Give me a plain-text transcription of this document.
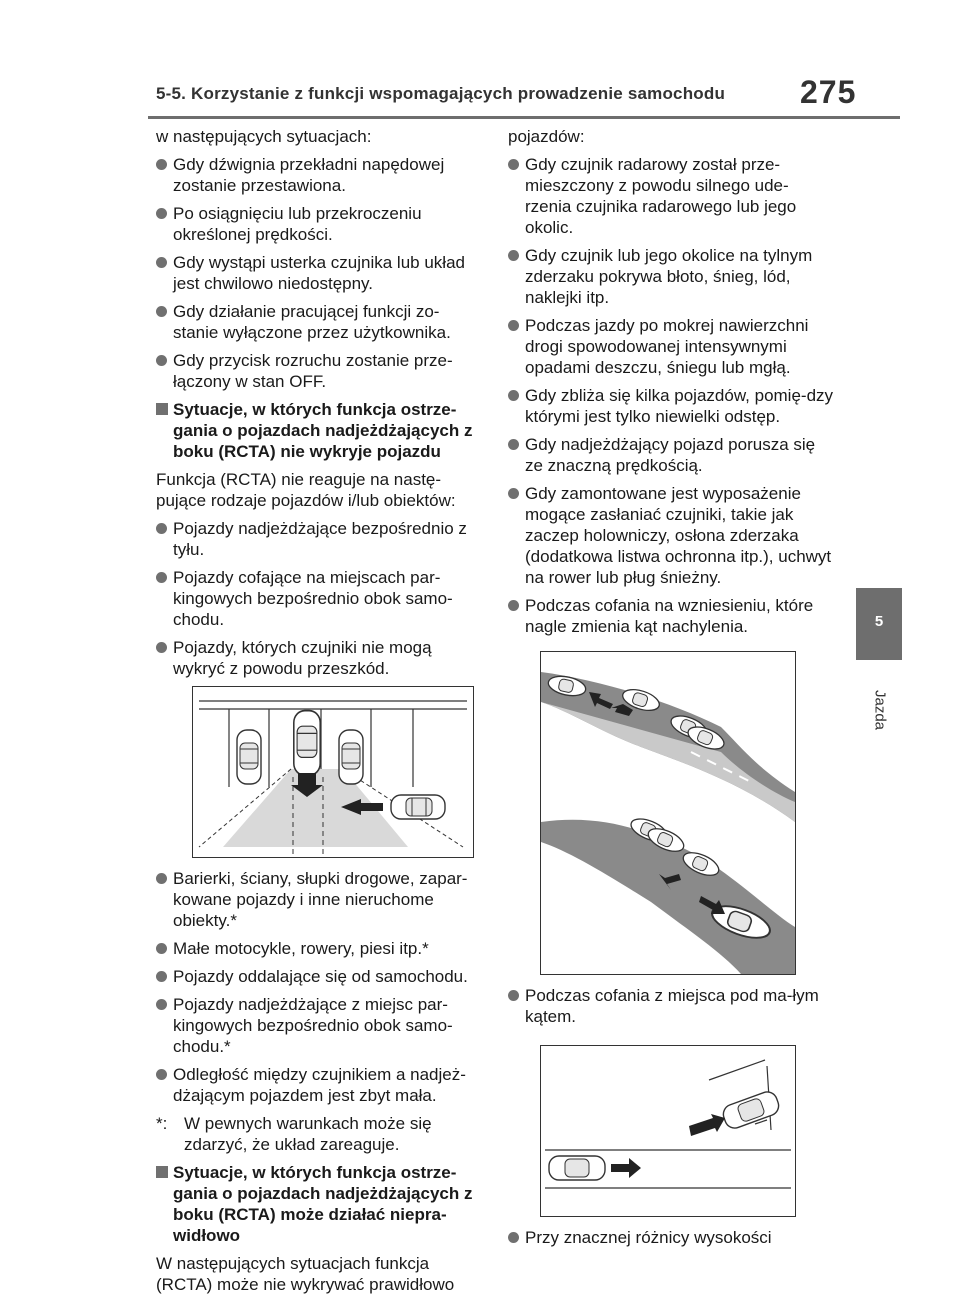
5-5. Korzystanie z funkcji wspomagających prowadzenie samochodu 275
5
Jazda

w następujących sytuacjach:

Gdy dźwignia przekładni napędowej zostanie przestawiona.
Po osiągnięciu lub przekroczeniu określonej prędkości.
Gdy wystąpi usterka czujnika lub układ jest chwilowo niedostępny.
Gdy działanie pracującej funkcji zo-stanie wyłączone przez użytkownika.
Gdy przycisk rozruchu zostanie prze-łączony w stan OFF.
Sytuacje, w których funkcja ostrze-gania o pojazdach nadjeżdżających z boku (RCTA) nie wykryje pojazdu

Funkcja (RCTA) nie reaguje na nastę-pujące rodzaje pojazdów i/lub obiektów:

Pojazdy nadjeżdżające bezpośrednio z tyłu.
Pojazdy cofające na miejscach par-kingowych bezpośrednio obok samo-chodu.
Pojazdy, których czujniki nie mogą wykryć z powodu przeszkód.
Barierki, ściany, słupki drogowe, zapar-kowane pojazdy i inne nieruchome obiekty.*
Małe motocykle, rowery, piesi itp.*
Pojazdy oddalające się od samochodu.
Pojazdy nadjeżdżające z miejsc par-kingowych bezpośrednio obok samo-chodu.*
Odległość między czujnikiem a nadjeż-dżającym pojazdem jest zbyt mała.
*: W pewnych warunkach może się zdarzyć, że układ zareaguje.
Sytuacje, w których funkcja ostrze-gania o pojazdach nadjeżdżających z boku (RCTA) może działać niepra-widłowo

W następujących sytuacjach funkcja (RCTA) może nie wykrywać prawidłowo

pojazdów:

Gdy czujnik radarowy został prze-mieszczony z powodu silnego ude-rzenia czujnika radarowego lub jego okolic.
Gdy czujnik lub jego okolice na tylnym zderzaku pokrywa błoto, śnieg, lód, naklejki itp.
Podczas jazdy po mokrej nawierzchni drogi spowodowanej intensywnymi opadami deszczu, śniegu lub mgłą.
Gdy zbliża się kilka pojazdów, pomię-dzy którymi jest tylko niewielki odstęp.
Gdy nadjeżdżający pojazd porusza się ze znaczną prędkością.
Gdy zamontowane jest wyposażenie mogące zasłaniać czujniki, takie jak zaczep holowniczy, osłona zderzaka (dodatkowa listwa ochronna itp.), uchwyt na rower lub pług śnieżny.
Podczas cofania na wzniesieniu, które nagle zmienia kąt nachylenia.
Podczas cofania z miejsca pod ma-łym kątem.
Przy znacznej różnicy wysokości
